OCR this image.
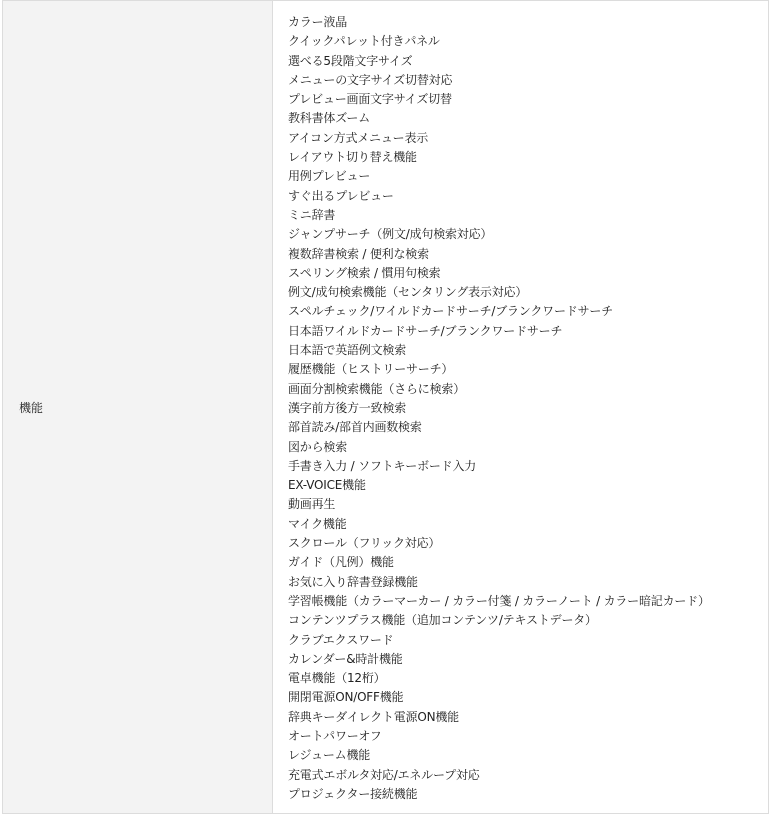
機能
カラー液晶
クイックパレット付きパネル
選べる5段階文字サイズ
メニューの文字サイズ切替対応
プレビュー画面文字サイズ切替
教科書体ズーム
アイコン方式メニュー表示
レイアウト切り替え機能
用例プレビュー
すぐ出るプレビュー
ミニ辞書
ジャンプサーチ（例文/成句検索対応）
複数辞書検索 / 便利な検索
スペリング検索 / 慣用句検索
例文/成句検索機能（センタリング表示対応）
スペルチェック/ワイルドカードサーチ/ブランクワードサーチ
日本語ワイルドカードサーチ/ブランクワードサーチ
日本語で英語例文検索
履歴機能（ヒストリーサーチ）
画面分割検索機能（さらに検索）
漢字前方後方一致検索
部首読み/部首内画数検索
図から検索
手書き入力 / ソフトキーボード入力
EX-VOICE機能
動画再生
マイク機能
スクロール（フリック対応）
ガイド（凡例）機能
お気に入り辞書登録機能
学習帳機能（カラーマーカー / カラー付箋 / カラーノート / カラー暗記カード）
コンテンツプラス機能（追加コンテンツ/テキストデータ）
クラブエクスワード
カレンダー&時計機能
電卓機能（12桁）
開閉電源ON/OFF機能
辞典キーダイレクト電源ON機能
オートパワーオフ
レジューム機能
充電式エボルタ対応/エネループ対応
プロジェクター接続機能
